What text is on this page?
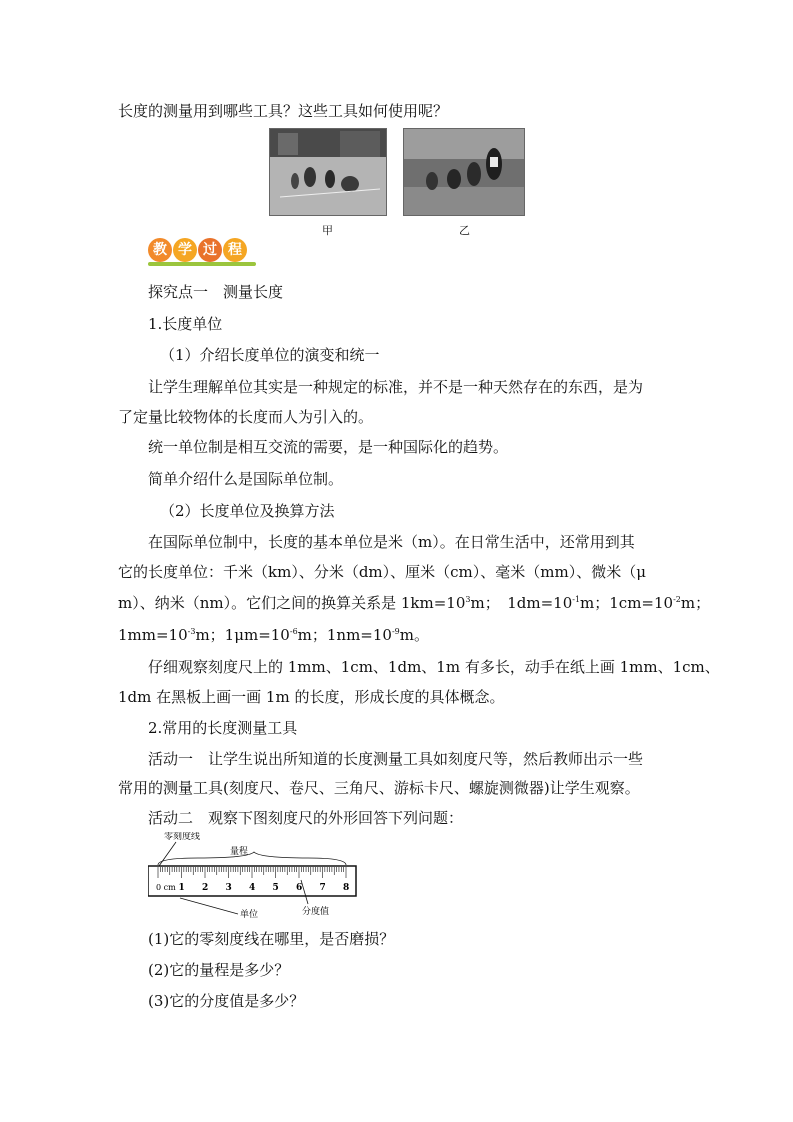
长度的测量用到哪些工具？这些工具如何使用呢？
甲	乙
教 学 过 程
探究点一　测量长度
1.长度单位
（1）介绍长度单位的演变和统一
让学生理解单位其实是一种规定的标准，并不是一种天然存在的东西，是为
了定量比较物体的长度而人为引入的。
统一单位制是相互交流的需要，是一种国际化的趋势。
简单介绍什么是国际单位制。
（2）长度单位及换算方法
在国际单位制中，长度的基本单位是米（m）。在日常生活中，还常用到其
它的长度单位：千米（km）、分米（dm）、厘米（cm）、毫米（mm）、微米（μ
m）、纳米（nm）。它们之间的换算关系是 $1km=10^3m$；　$1dm=10^{-1}m$；$1cm=10^{-2}m$；
$1mm=10^{-3}m$；$1\mu m=10^{-6}m$；$1nm=10^{-9}m$。
仔细观察刻度尺上的 1mm、1cm、1dm、1m 有多长，动手在纸上画 1mm、1cm、
1dm 在黑板上画一画 1m 的长度，形成长度的具体概念。
2.常用的长度测量工具
活动一　让学生说出所知道的长度测量工具如刻度尺等，然后教师出示一些
常用的测量工具(刻度尺、卷尺、三角尺、游标卡尺、螺旋测微器)让学生观察。
活动二　观察下图刻度尺的外形回答下列问题：
1 2 3 4 5 6 7 8
零刻度线
量程
单位	分度值
0 cm
(1)它的零刻度线在哪里，是否磨损？
(2)它的量程是多少？
(3)它的分度值是多少？
